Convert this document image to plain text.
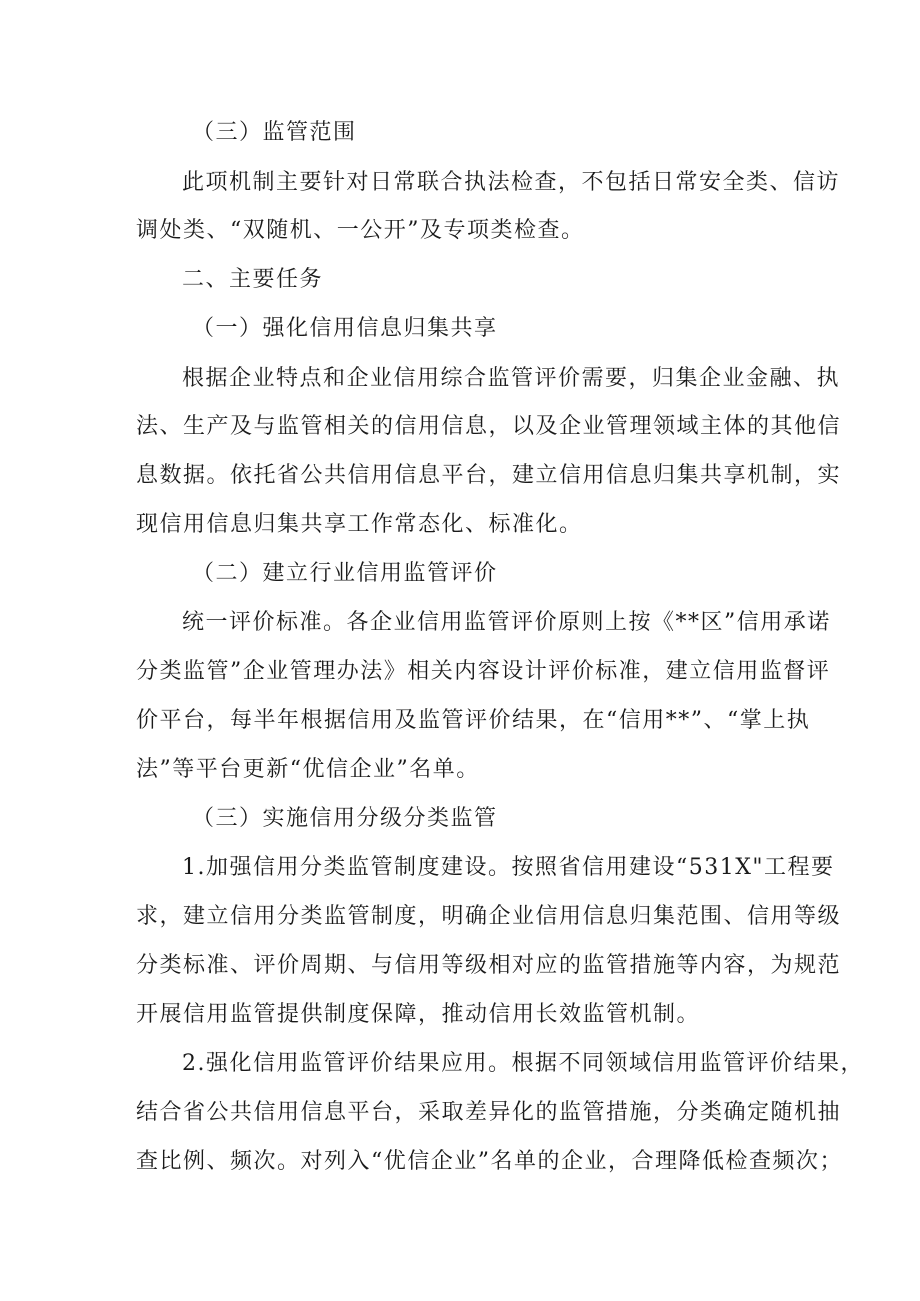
（三）监管范围
此项机制主要针对日常联合执法检查，不包括日常安全类、信访
调处类、“双随机、一公开”及专项类检查。
二、主要任务
（一）强化信用信息归集共享
根据企业特点和企业信用综合监管评价需要，归集企业金融、执
法、生产及与监管相关的信用信息，以及企业管理领域主体的其他信
息数据。依托省公共信用信息平台，建立信用信息归集共享机制，实
现信用信息归集共享工作常态化、标准化。
（二）建立行业信用监管评价
统一评价标准。各企业信用监管评价原则上按《**区”信用承诺
分类监管”企业管理办法》相关内容设计评价标准，建立信用监督评
价平台，每半年根据信用及监管评价结果，在“信用**”、“掌上执
法”等平台更新“优信企业”名单。
（三）实施信用分级分类监管
1.加强信用分类监管制度建设。按照省信用建设“531X"工程要
求，建立信用分类监管制度，明确企业信用信息归集范围、信用等级
分类标准、评价周期、与信用等级相对应的监管措施等内容，为规范
开展信用监管提供制度保障，推动信用长效监管机制。
2.强化信用监管评价结果应用。根据不同领域信用监管评价结果，
结合省公共信用信息平台，采取差异化的监管措施，分类确定随机抽
查比例、频次。对列入“优信企业”名单的企业，合理降低检查频次；
